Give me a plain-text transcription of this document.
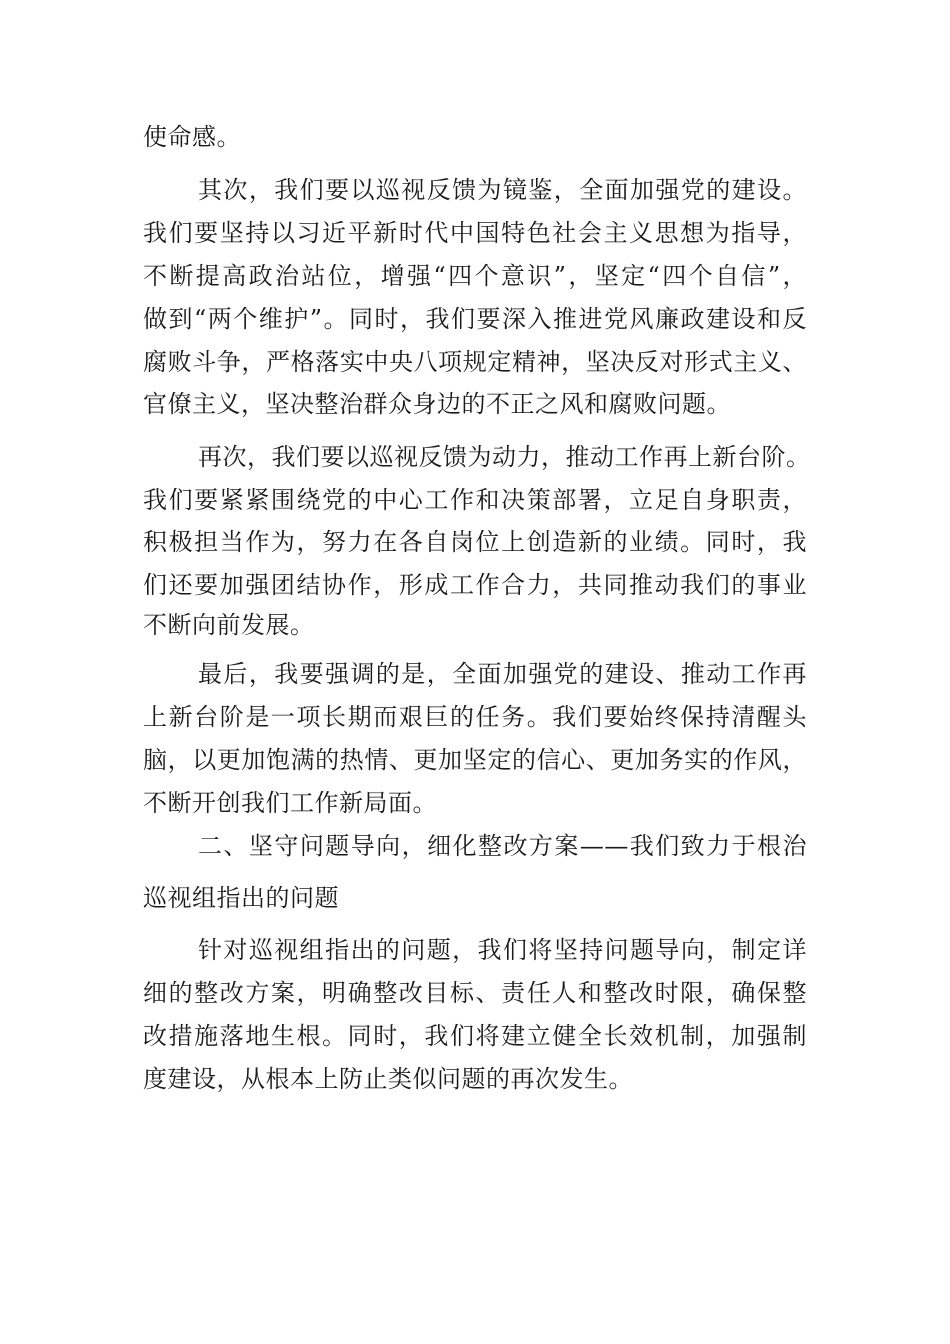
使命感。
其次，我们要以巡视反馈为镜鉴，全面加强党的建设。
我们要坚持以习近平新时代中国特色社会主义思想为指导，
不断提高政治站位，增强“四个意识”，坚定“四个自信”，
做到“两个维护”。同时，我们要深入推进党风廉政建设和反
腐败斗争，严格落实中央八项规定精神，坚决反对形式主义、
官僚主义，坚决整治群众身边的不正之风和腐败问题。
再次，我们要以巡视反馈为动力，推动工作再上新台阶。
我们要紧紧围绕党的中心工作和决策部署，立足自身职责，
积极担当作为，努力在各自岗位上创造新的业绩。同时，我
们还要加强团结协作，形成工作合力，共同推动我们的事业
不断向前发展。
最后，我要强调的是，全面加强党的建设、推动工作再
上新台阶是一项长期而艰巨的任务。我们要始终保持清醒头
脑，以更加饱满的热情、更加坚定的信心、更加务实的作风，
不断开创我们工作新局面。
二、坚守问题导向，细化整改方案——我们致力于根治
巡视组指出的问题
针对巡视组指出的问题，我们将坚持问题导向，制定详
细的整改方案，明确整改目标、责任人和整改时限，确保整
改措施落地生根。同时，我们将建立健全长效机制，加强制
度建设，从根本上防止类似问题的再次发生。
